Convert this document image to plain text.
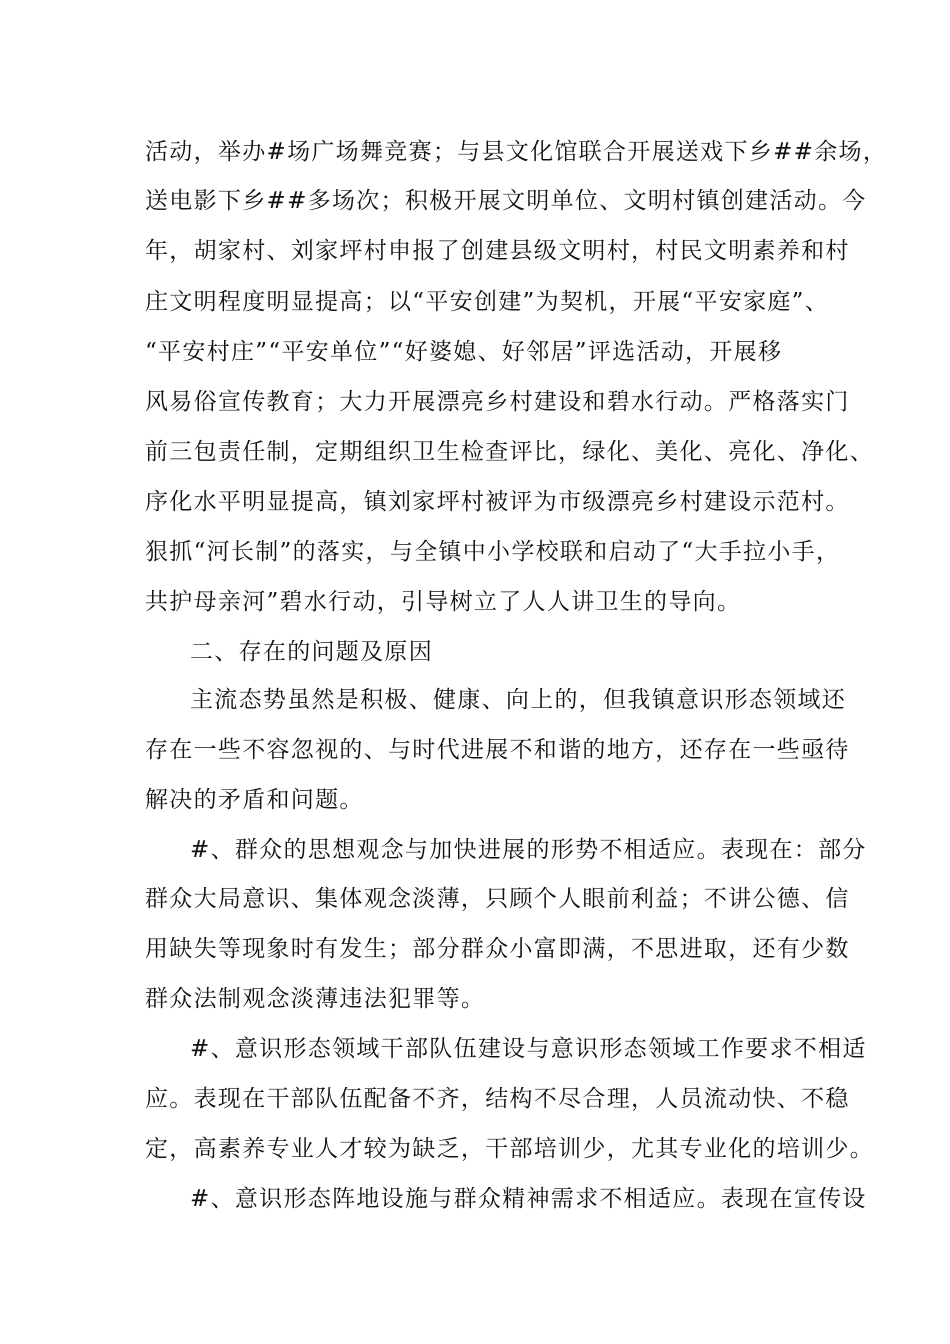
活动，举办#场广场舞竞赛；与县文化馆联合开展送戏下乡##余场，
送电影下乡##多场次；积极开展文明单位、文明村镇创建活动。今
年，胡家村、刘家坪村申报了创建县级文明村，村民文明素养和村
庄文明程度明显提高；以“平安创建”为契机，开展“平安家庭”、
“平安村庄”“平安单位”“好婆媳、好邻居”评选活动，开展移
风易俗宣传教育；大力开展漂亮乡村建设和碧水行动。严格落实门
前三包责任制，定期组织卫生检查评比，绿化、美化、亮化、净化、
序化水平明显提高，镇刘家坪村被评为市级漂亮乡村建设示范村。
狠抓“河长制”的落实，与全镇中小学校联和启动了“大手拉小手，
共护母亲河”碧水行动，引导树立了人人讲卫生的导向。
二、存在的问题及原因
主流态势虽然是积极、健康、向上的，但我镇意识形态领域还
存在一些不容忽视的、与时代进展不和谐的地方，还存在一些亟待
解决的矛盾和问题。
#、群众的思想观念与加快进展的形势不相适应。表现在：部分
群众大局意识、集体观念淡薄，只顾个人眼前利益；不讲公德、信
用缺失等现象时有发生；部分群众小富即满，不思进取，还有少数
群众法制观念淡薄违法犯罪等。
#、意识形态领域干部队伍建设与意识形态领域工作要求不相适
应。表现在干部队伍配备不齐，结构不尽合理，人员流动快、不稳
定，高素养专业人才较为缺乏，干部培训少，尤其专业化的培训少。
#、意识形态阵地设施与群众精神需求不相适应。表现在宣传设
